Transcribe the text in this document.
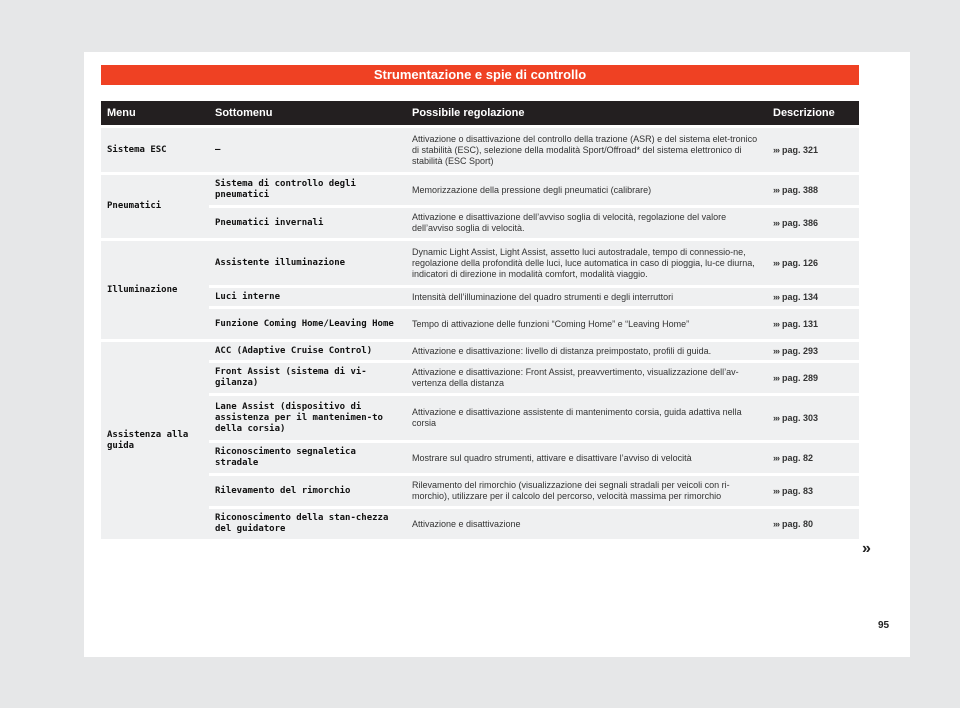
Strumentazione e spie di controllo
Menu	Sottomenu	Possibile regolazione	Descrizione
Sistema ESC	–	Attivazione o disattivazione del controllo della trazione (ASR) e del sistema elet-tronico di stabilità (ESC), selezione della modalità Sport/Offroad* del sistema elettronico di stabilità (ESC Sport)	››› pag. 321
Pneumatici	Sistema di controllo degli pneumatici	Memorizzazione della pressione degli pneumatici (calibrare)	››› pag. 388
	Pneumatici invernali	Attivazione e disattivazione dell’avviso soglia di velocità, regolazione del valore dell’avviso soglia di velocità.	››› pag. 386
Illuminazione	Assistente illuminazione	Dynamic Light Assist, Light Assist, assetto luci autostradale, tempo di connessio-ne, regolazione della profondità delle luci, luce automatica in caso di pioggia, lu-ce diurna, indicatori di direzione in modalità comfort, modalità viaggio.	››› pag. 126
	Luci interne	Intensità dell’illuminazione del quadro strumenti e degli interruttori	››› pag. 134
	Funzione Coming Home/Leaving Home	Tempo di attivazione delle funzioni “Coming Home” e “Leaving Home”	››› pag. 131
Assistenza alla guida	ACC (Adaptive Cruise Control)	Attivazione e disattivazione: livello di distanza preimpostato, profili di guida.	››› pag. 293
	Front Assist (sistema di vi-gilanza)	Attivazione e disattivazione: Front Assist, preavvertimento, visualizzazione dell’av-vertenza della distanza	››› pag. 289
	Lane Assist (dispositivo di assistenza per il mantenimen-to della corsia)	Attivazione e disattivazione assistente di mantenimento corsia, guida adattiva nella corsia	››› pag. 303
	Riconoscimento segnaletica stradale	Mostrare sul quadro strumenti, attivare e disattivare l’avviso di velocità	››› pag. 82
	Rilevamento del rimorchio	Rilevamento del rimorchio (visualizzazione dei segnali stradali per veicoli con ri-morchio), utilizzare per il calcolo del percorso, velocità massima per rimorchio	››› pag. 83
	Riconoscimento della stan-chezza del guidatore	Attivazione e disattivazione	››› pag. 80
»
95
